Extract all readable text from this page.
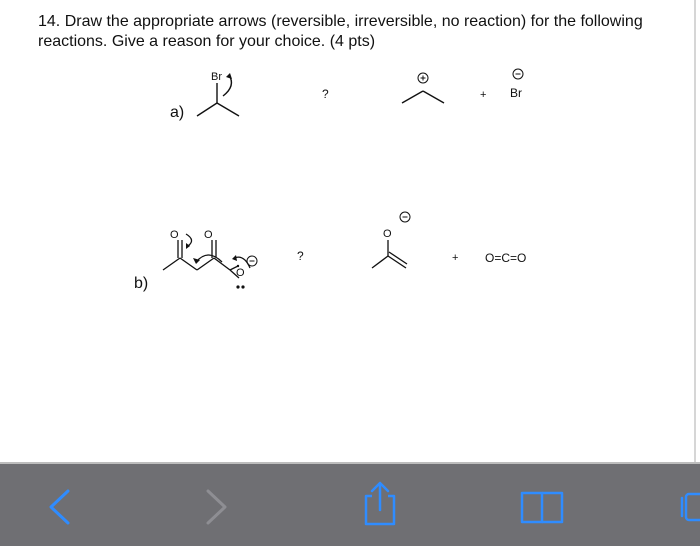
14. Draw the appropriate arrows (reversible, irreversible, no reaction) for the following reactions. Give a reason for your choice. (4 pts)
a)
b)
Br
?	+ Br
O O
O
?
O
+ O=C=O
